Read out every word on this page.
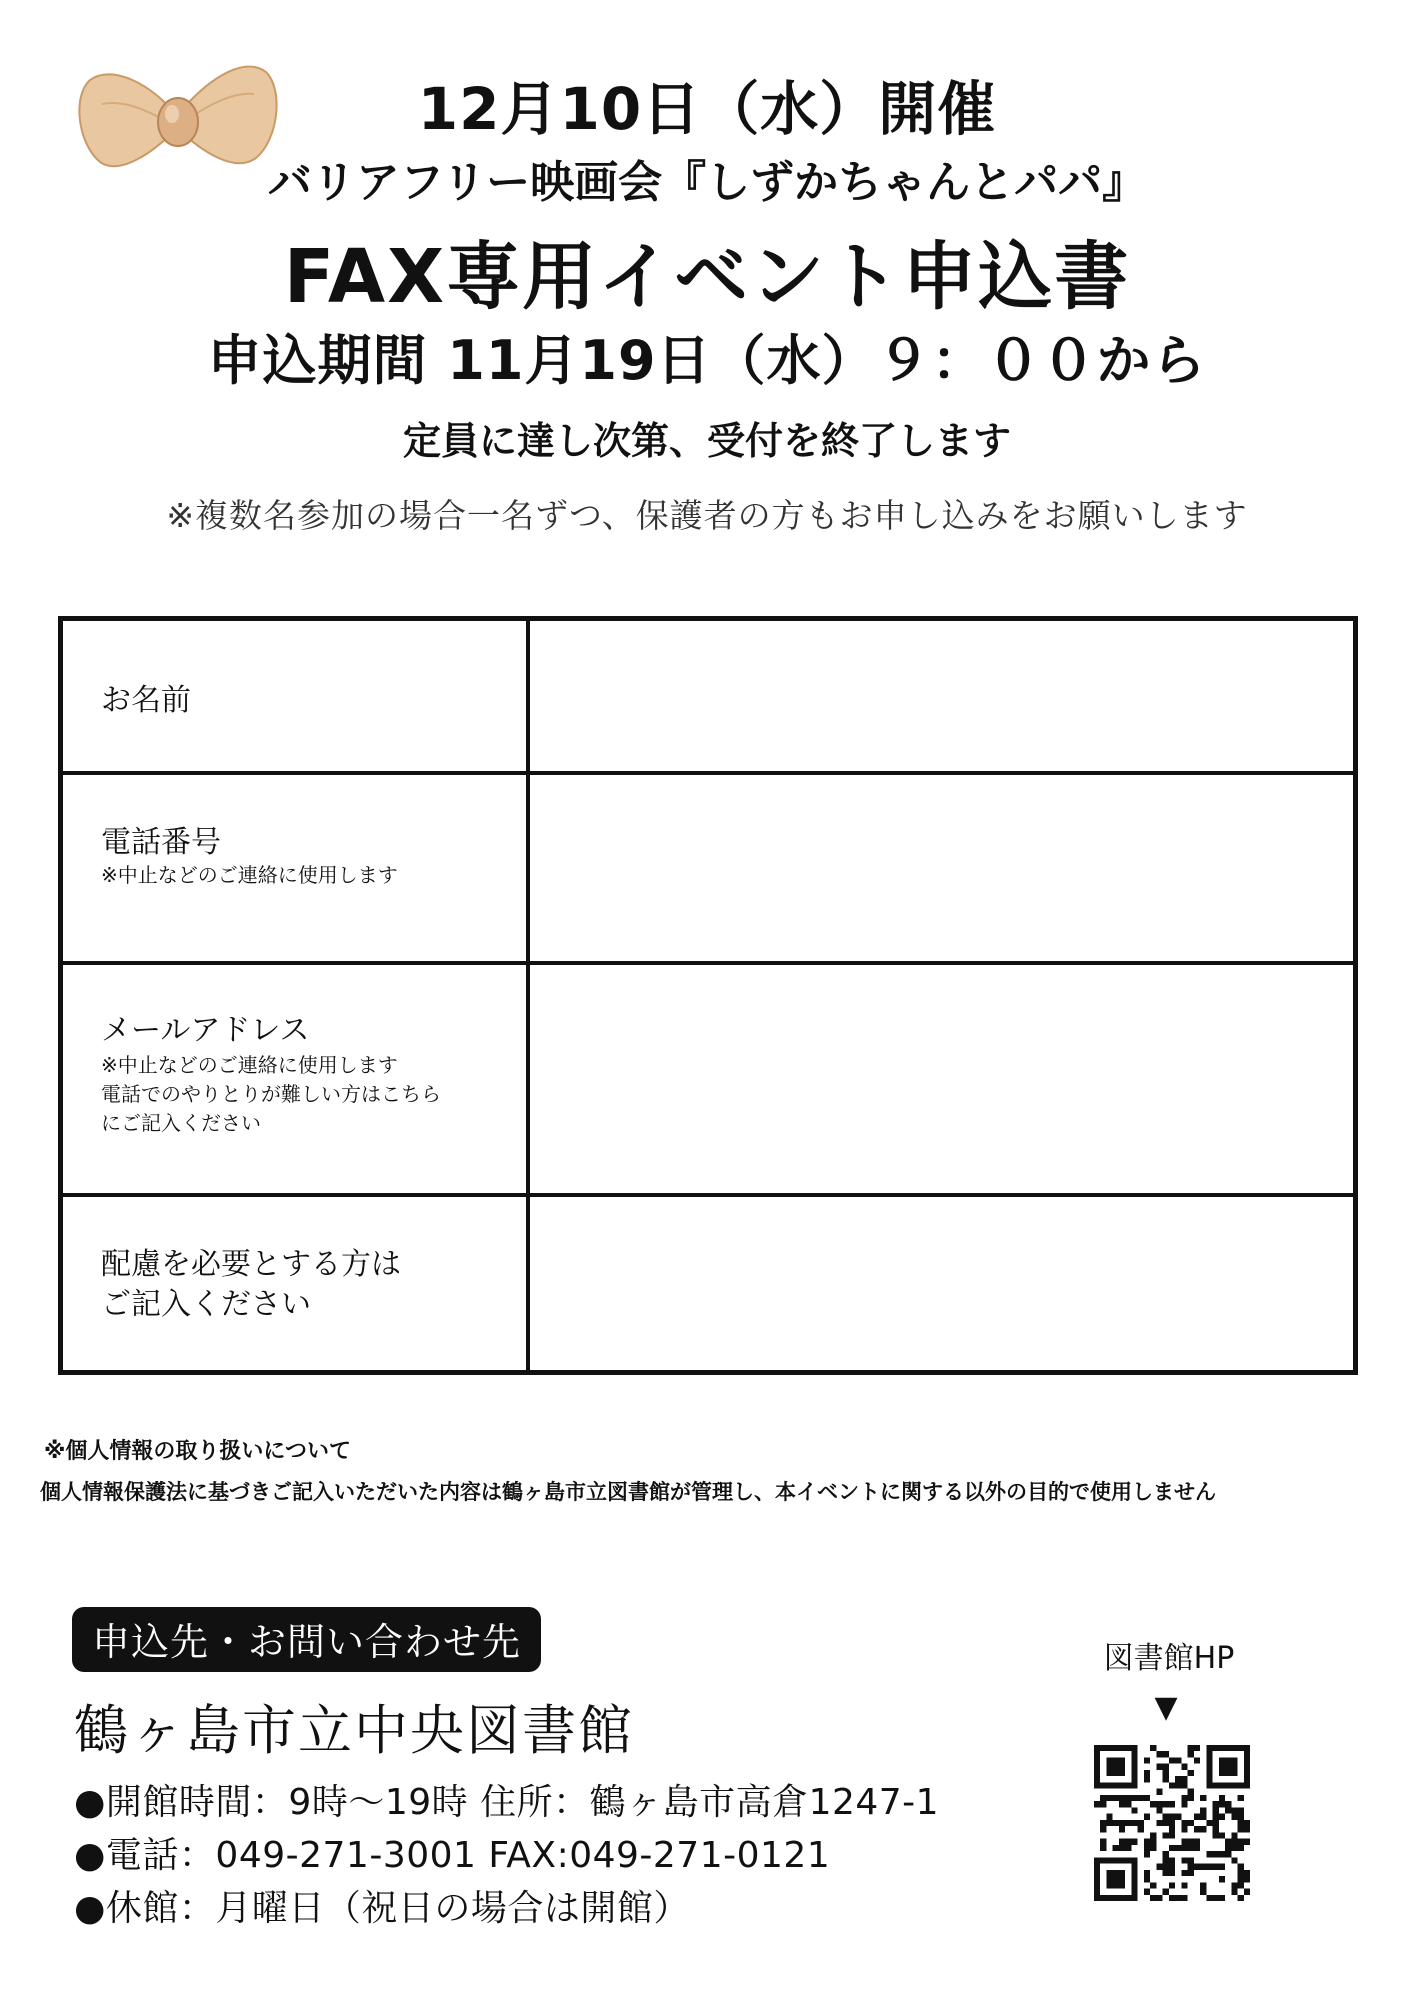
12月10日（水）開催
バリアフリー映画会『しずかちゃんとパパ』
FAX専用イベント申込書
申込期間 11月19日（水）９：００から
定員に達し次第、受付を終了します
※複数名参加の場合一名ずつ、保護者の方もお申し込みをお願いします
お名前	

電話番号
※中止などのご連絡に使用します	

メールアドレス
※中止などのご連絡に使用します
電話でのやりとりが難しい方はこちら
にご記入ください	

配慮を必要とする方は
ご記入ください	

※個人情報の取り扱いについて
個人情報保護法に基づきご記入いただいた内容は鶴ヶ島市立図書館が管理し、本イベントに関する以外の目的で使用しません
申込先・お問い合わせ先
鶴ヶ島市立中央図書館
●開館時間：9時〜19時 住所：鶴ヶ島市高倉1247-1
●電話：049-271-3001 FAX:049-271-0121
●休館：月曜日（祝日の場合は開館）
図書館HP
▼
